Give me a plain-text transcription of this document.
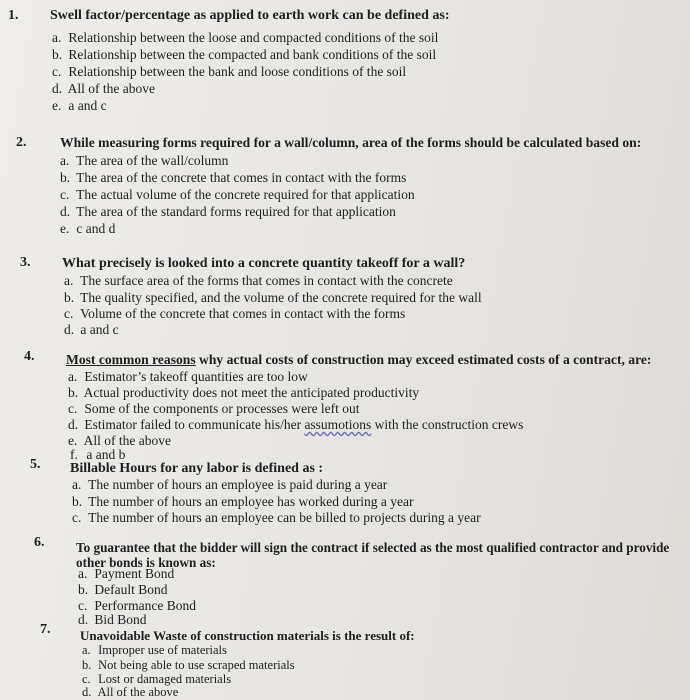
1. Swell factor/percentage as applied to earth work can be defined as:
a. Relationship between the loose and compacted conditions of the soil
b. Relationship between the compacted and bank conditions of the soil
c. Relationship between the bank and loose conditions of the soil
d. All of the above
e. a and c
2. While measuring forms required for a wall/column, area of the forms should be calculated based on:
a. The area of the wall/column
b. The area of the concrete that comes in contact with the forms
c. The actual volume of the concrete required for that application
d. The area of the standard forms required for that application
e. c and d
3. What precisely is looked into a concrete quantity takeoff for a wall?
a. The surface area of the forms that comes in contact with the concrete
b. The quality specified, and the volume of the concrete required for the wall
c. Volume of the concrete that comes in contact with the forms
d. a and c
4. Most common reasons why actual costs of construction may exceed estimated costs of a contract, are:
a. Estimator’s takeoff quantities are too low
b. Actual productivity does not meet the anticipated productivity
c. Some of the components or processes were left out
d. Estimator failed to communicate his/her assumotions with the construction crews
e. All of the above
f. a and b
5. Billable Hours for any labor is defined as :
a. The number of hours an employee is paid during a year
b. The number of hours an employee has worked during a year
c. The number of hours an employee can be billed to projects during a year
6. To guarantee that the bidder will sign the contract if selected as the most qualified contractor and provide other bonds is known as:
a. Payment Bond
b. Default Bond
c. Performance Bond
d. Bid Bond
7. Unavoidable Waste of construction materials is the result of:
a. Improper use of materials
b. Not being able to use scraped materials
c. Lost or damaged materials
d. All of the above
